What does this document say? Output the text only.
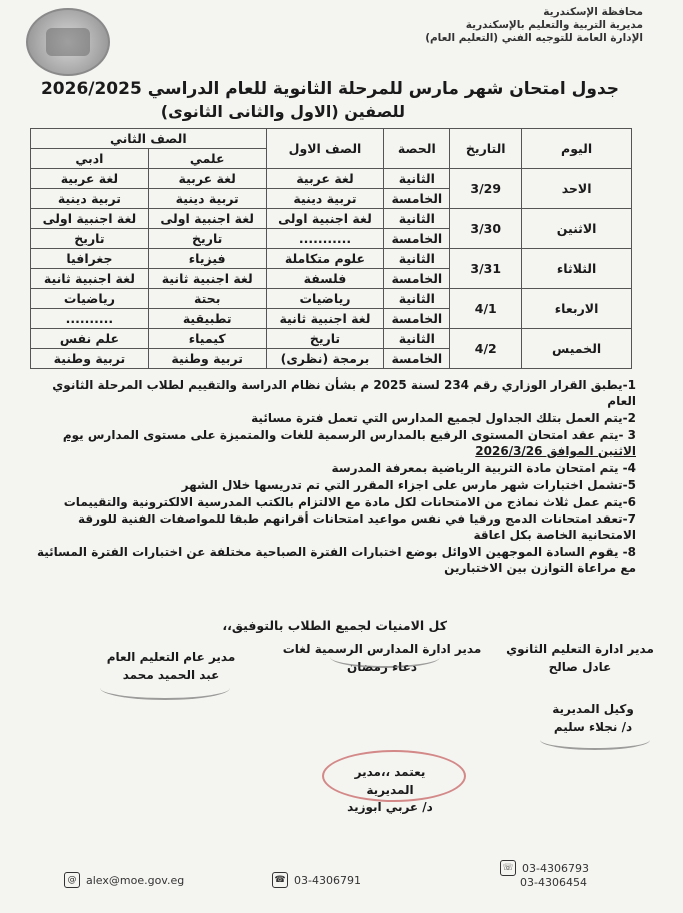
محافظة الإسكندرية
مديرية التربية والتعليم بالإسكندرية
الإدارة العامة للتوجيه الفني (التعليم العام)
جدول امتحان شهر مارس للمرحلة الثانوية للعام الدراسي 2026/2025
للصفين (الاول والثانى الثانوى)
اليوم	التاريخ	الحصة	الصف الاول	الصف الثاني	
				علمي	ادبي
الاحد	3/29	الثانية	لغة عربية	لغة عربية	لغة عربية
		الخامسة	تربية دينية	تربية دينية	تربية دينية
الاثنين	3/30	الثانية	لغة اجنبية اولى	لغة اجنبية اولى	لغة اجنبية اولى
		الخامسة	...........	تاريخ	تاريخ
الثلاثاء	3/31	الثانية	علوم متكاملة	فيزياء	جغرافيا
		الخامسة	فلسفة	لغة اجنبية ثانية	لغة اجنبية ثانية
الاربعاء	4/1	الثانية	رياضيات	بحتة	رياضيات
		الخامسة	لغة اجنبية ثانية	تطبيقية	..........
الخميس	4/2	الثانية	تاريخ	كيمياء	علم نفس
		الخامسة	برمجة (نظرى)	تربية وطنية	تربية وطنية

1-يطبق القرار الوزاري رقم 234 لسنة 2025 م بشأن نظام الدراسة والتقييم لطلاب المرحلة الثانوي العام

2-يتم العمل بتلك الجداول لجميع المدارس التي تعمل فترة مسائية

3 -يتم عقد امتحان المستوى الرفيع بالمدارس الرسمية للغات والمتميزة على مستوى المدارس يوم
الاثنين الموافق 2026/3/26

4- يتم امتحان مادة التربية الرياضية بمعرفة المدرسة

5-تشمل اختبارات شهر مارس على اجزاء المقرر التي تم تدريسها خلال الشهر

6-يتم عمل ثلاث نماذج من الامتحانات لكل مادة مع الالتزام بالكتب المدرسية الالكترونية والتقييمات

7-تعقد امتحانات الدمج ورقيا في نفس مواعيد امتحانات أقرانهم طبقا للمواصفات الفنية للورقة الامتحانية الخاصة بكل اعاقة

8- يقوم السادة الموجهين الاوائل بوضع اختبارات الفترة الصباحية مختلفة عن اختبارات الفترة المسائية مع مراعاة التوازن بين الاختبارين

كل الامنيات لجميع الطلاب بالتوفيق،،
مدير ادارة التعليم الثانوي
عادل صالح
مدير ادارة المدارس الرسمية لغات
دعاء رمضان
مدير عام التعليم العام
عبد الحميد محمد
وكيل المديرية
د/ نجلاء سليم
يعتمد ،،مدير المديرية
د/ عربي ابوزيد
@ alex@moe.gov.eg	☎ 03-4306791
☏ 03-4306793
03-4306454
